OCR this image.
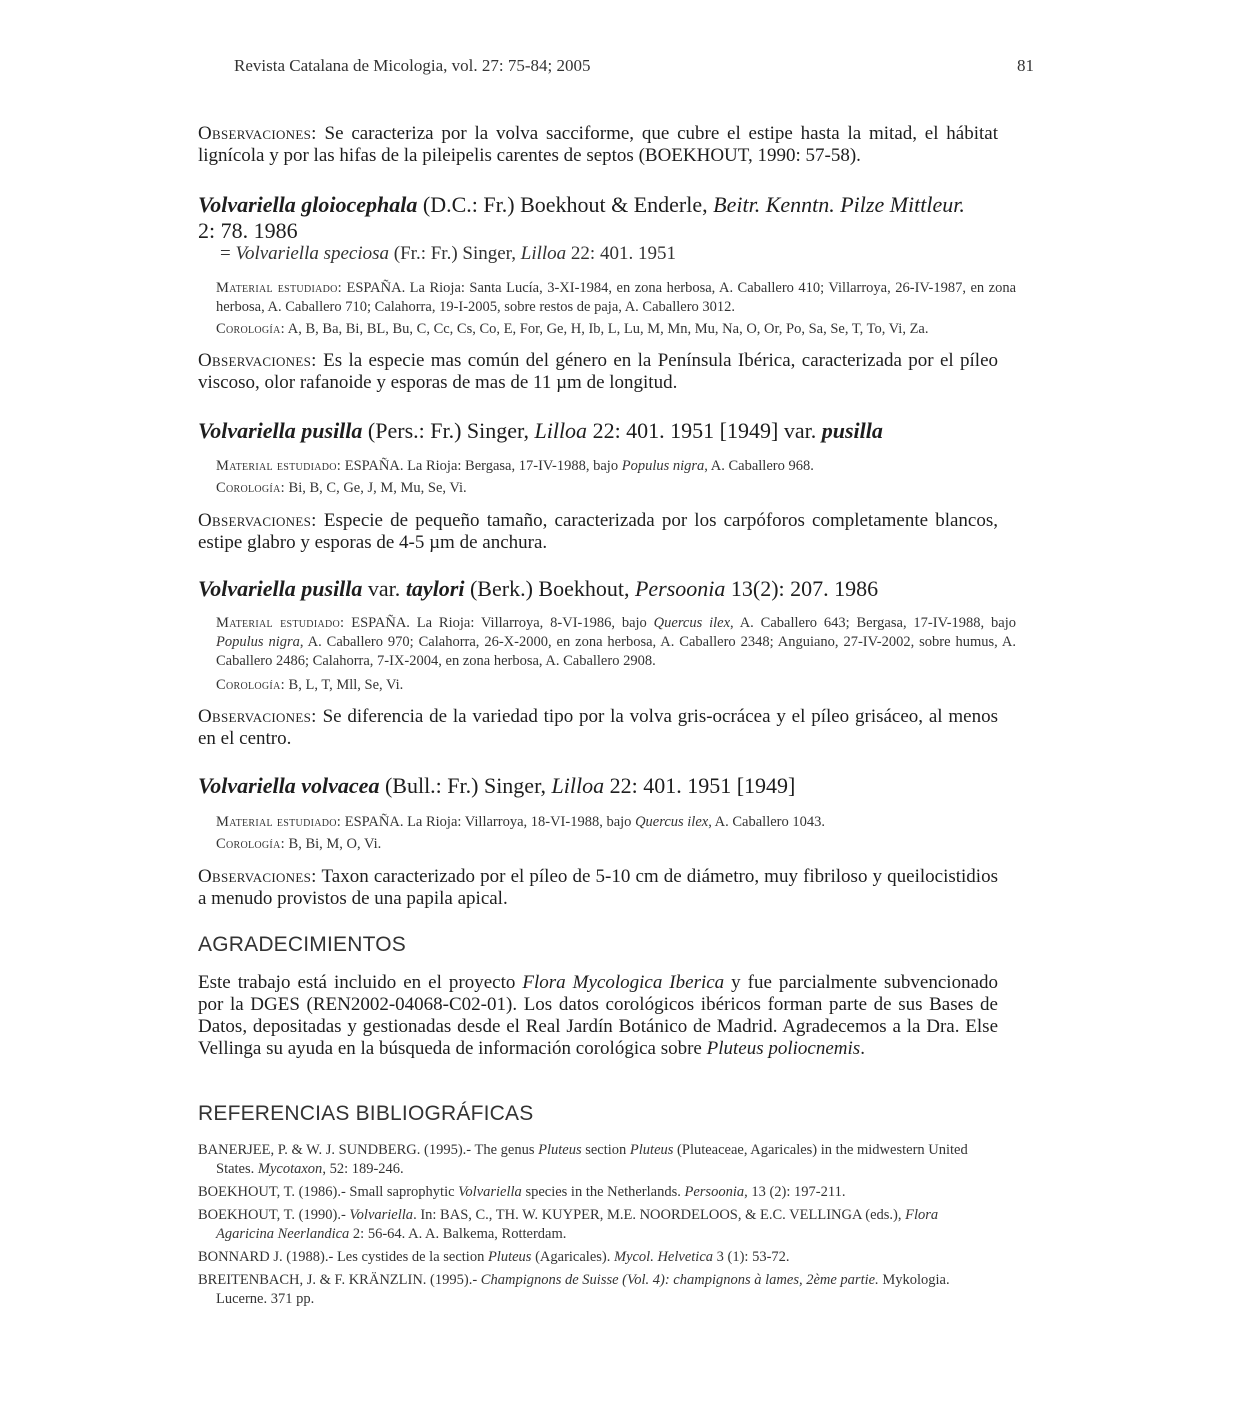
Revista Catalana de Micologia, vol. 27: 75-84; 2005	81
Observaciones: Se caracteriza por la volva sacciforme, que cubre el estipe hasta la mitad, el hábitat lignícola y por las hifas de la pileipelis carentes de septos (BOEKHOUT, 1990: 57-58).
Volvariella gloiocephala (D.C.: Fr.) Boekhout & Enderle, Beitr. Kenntn. Pilze Mittleur.
2: 78. 1986
= Volvariella speciosa (Fr.: Fr.) Singer, Lilloa 22: 401. 1951
Material estudiado: ESPAÑA. La Rioja: Santa Lucía, 3-XI-1984, en zona herbosa, A. Caballero 410; Villarroya, 26-IV-1987, en zona herbosa, A. Caballero 710; Calahorra, 19-I-2005, sobre restos de paja, A. Caballero 3012.
Corología: A, B, Ba, Bi, BL, Bu, C, Cc, Cs, Co, E, For, Ge, H, Ib, L, Lu, M, Mn, Mu, Na, O, Or, Po, Sa, Se, T, To, Vi, Za.
Observaciones: Es la especie mas común del género en la Península Ibérica, caracterizada por el píleo viscoso, olor rafanoide y esporas de mas de 11 µm de longitud.
Volvariella pusilla (Pers.: Fr.) Singer, Lilloa 22: 401. 1951 [1949] var. pusilla
Material estudiado: ESPAÑA. La Rioja: Bergasa, 17-IV-1988, bajo Populus nigra, A. Caballero 968.
Corología: Bi, B, C, Ge, J, M, Mu, Se, Vi.
Observaciones: Especie de pequeño tamaño, caracterizada por los carpóforos completamente blancos, estipe glabro y esporas de 4-5 µm de anchura.
Volvariella pusilla var. taylori (Berk.) Boekhout, Persoonia 13(2): 207. 1986
Material estudiado: ESPAÑA. La Rioja: Villarroya, 8-VI-1986, bajo Quercus ilex, A. Caballero 643; Bergasa, 17-IV-1988, bajo Populus nigra, A. Caballero 970; Calahorra, 26-X-2000, en zona herbosa, A. Caballero 2348; Anguiano, 27-IV-2002, sobre humus, A. Caballero 2486; Calahorra, 7-IX-2004, en zona herbosa, A. Caballero 2908.
Corología: B, L, T, Mll, Se, Vi.
Observaciones: Se diferencia de la variedad tipo por la volva gris-ocrácea y el píleo grisáceo, al menos en el centro.
Volvariella volvacea (Bull.: Fr.) Singer, Lilloa 22: 401. 1951 [1949]
Material estudiado: ESPAÑA. La Rioja: Villarroya, 18-VI-1988, bajo Quercus ilex, A. Caballero 1043.
Corología: B, Bi, M, O, Vi.
Observaciones: Taxon caracterizado por el píleo de 5-10 cm de diámetro, muy fibriloso y queilocistidios a menudo provistos de una papila apical.
AGRADECIMIENTOS
Este trabajo está incluido en el proyecto Flora Mycologica Iberica y fue parcialmente subvencionado por la DGES (REN2002-04068-C02-01). Los datos corológicos ibéricos forman parte de sus Bases de Datos, depositadas y gestionadas desde el Real Jardín Botánico de Madrid. Agradecemos a la Dra. Else Vellinga su ayuda en la búsqueda de información corológica sobre Pluteus poliocnemis.
REFERENCIAS BIBLIOGRÁFICAS
BANERJEE, P. & W. J. SUNDBERG. (1995).- The genus Pluteus section Pluteus (Pluteaceae, Agaricales) in the midwestern United States. Mycotaxon, 52: 189-246.
BOEKHOUT, T. (1986).- Small saprophytic Volvariella species in the Netherlands. Persoonia, 13 (2): 197-211.
BOEKHOUT, T. (1990).- Volvariella. In: BAS, C., TH. W. KUYPER, M.E. NOORDELOOS, & E.C. VELLINGA (eds.), Flora Agaricina Neerlandica 2: 56-64. A. A. Balkema, Rotterdam.
BONNARD J. (1988).- Les cystides de la section Pluteus (Agaricales). Mycol. Helvetica 3 (1): 53-72.
BREITENBACH, J. & F. KRÄNZLIN. (1995).- Champignons de Suisse (Vol. 4): champignons à lames, 2ème partie. Mykologia. Lucerne. 371 pp.
